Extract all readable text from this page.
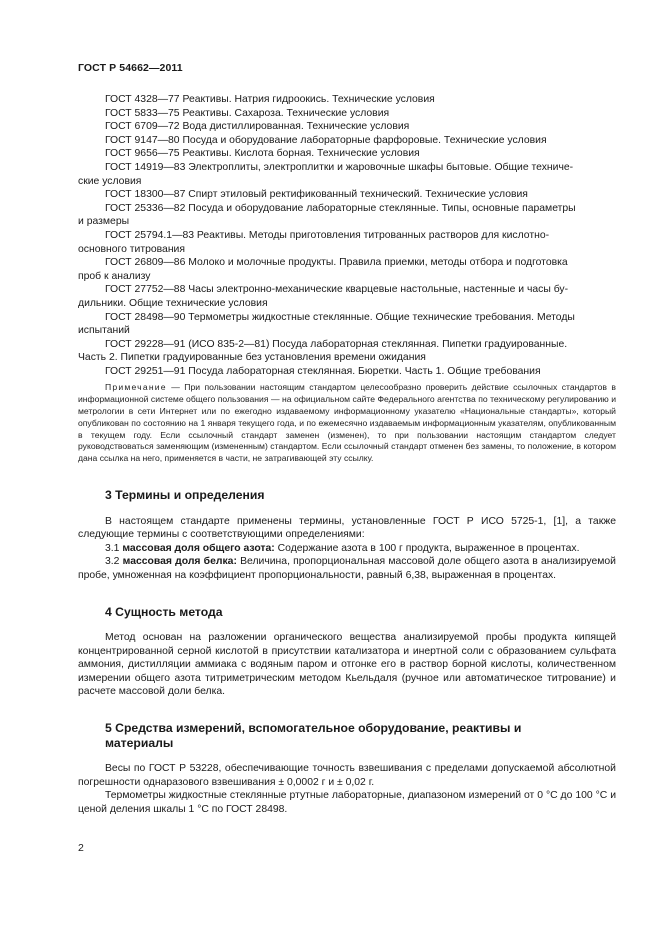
ГОСТ Р 54662—2011

ГОСТ 4328—77 Реактивы. Натрия гидроокись. Технические условия

ГОСТ 5833—75 Реактивы. Сахароза. Технические условия

ГОСТ 6709—72 Вода дистиллированная. Технические условия

ГОСТ 9147—80 Посуда и оборудование лабораторные фарфоровые. Технические условия

ГОСТ 9656—75 Реактивы. Кислота борная. Технические условия

ГОСТ 14919—83 Электроплиты, электроплитки и жаровочные шкафы бытовые. Общие техниче-

ские условия

ГОСТ 18300—87 Спирт этиловый ректификованный технический. Технические условия

ГОСТ 25336—82 Посуда и оборудование лабораторные стеклянные. Типы, основные параметры

и размеры

ГОСТ 25794.1—83 Реактивы. Методы приготовления титрованных растворов для кислотно-

основного титрования

ГОСТ 26809—86 Молоко и молочные продукты. Правила приемки, методы отбора и подготовка

проб к анализу

ГОСТ 27752—88 Часы электронно-механические кварцевые настольные, настенные и часы бу-

дильники. Общие технические условия

ГОСТ 28498—90 Термометры жидкостные стеклянные. Общие технические требования. Методы

испытаний

ГОСТ 29228—91 (ИСО 835-2—81) Посуда лабораторная стеклянная. Пипетки градуированные.

Часть 2. Пипетки градуированные без установления времени ожидания

ГОСТ 29251—91 Посуда лабораторная стеклянная. Бюретки. Часть 1. Общие требования

Примечание — При пользовании настоящим стандартом целесообразно проверить действие ссылочных стандартов в информационной системе общего пользования — на официальном сайте Федерального агентства по техническому регулированию и метрологии в сети Интернет или по ежегодно издаваемому информационному указателю «Национальные стандарты», который опубликован по состоянию на 1 января текущего года, и по ежемесячно издаваемым информационным указателям, опубликованным в текущем году. Если ссылочный стандарт заменен (изменен), то при пользовании настоящим стандартом следует руководствоваться заменяющим (измененным) стандартом. Если ссылочный стандарт отменен без замены, то положение, в котором дана ссылка на него, применяется в части, не затрагивающей эту ссылку.

3 Термины и определения

В настоящем стандарте применены термины, установленные ГОСТ Р ИСО 5725-1, [1], а также следующие термины с соответствующими определениями:

3.1 массовая доля общего азота: Содержание азота в 100 г продукта, выраженное в процентах.

3.2 массовая доля белка: Величина, пропорциональная массовой доле общего азота в анализируемой пробе, умноженная на коэффициент пропорциональности, равный 6,38, выраженная в процентах.

4 Сущность метода

Метод основан на разложении органического вещества анализируемой пробы продукта кипящей концентрированной серной кислотой в присутствии катализатора и инертной соли с образованием сульфата аммония, дистилляции аммиака с водяным паром и отгонке его в раствор борной кислоты, количественном измерении общего азота титриметрическим методом Кьельдаля (ручное или автоматическое титрование) и расчете массовой доли белка.

5 Средства измерений, вспомогательное оборудование, реактивы и
материалы

Весы по ГОСТ Р 53228, обеспечивающие точность взвешивания с пределами допускаемой абсолютной погрешности однаразового взвешивания ± 0,0002 г и ± 0,02 г.

Термометры жидкостные стеклянные ртутные лабораторные, диапазоном измерений от 0 °С до 100 °С и ценой деления шкалы 1 °С по ГОСТ 28498.

2
